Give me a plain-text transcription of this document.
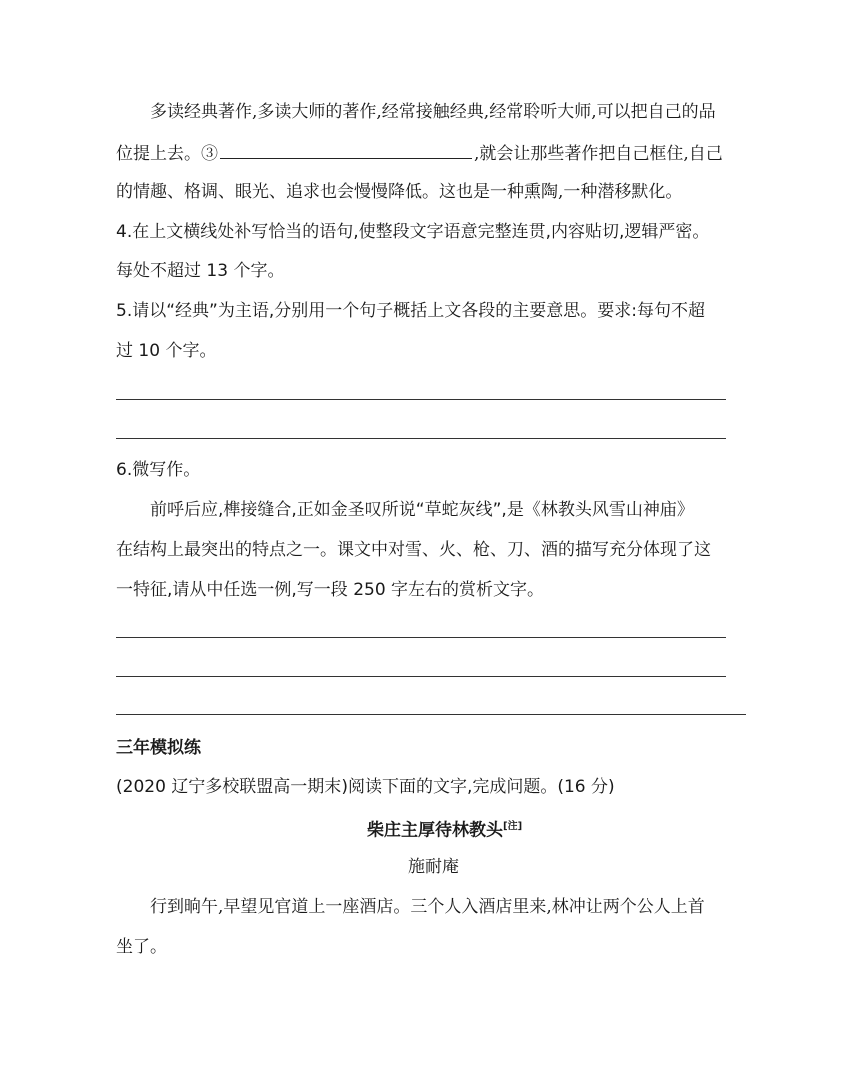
多读经典著作,多读大师的著作,经常接触经典,经常聆听大师,可以把自己的品
位提上去。③	,就会让那些著作把自己框住,自己
的情趣、格调、眼光、追求也会慢慢降低。这也是一种熏陶,一种潜移默化。
4.在上文横线处补写恰当的语句,使整段文字语意完整连贯,内容贴切,逻辑严密。
每处不超过 13 个字。
5.请以“经典”为主语,分别用一个句子概括上文各段的主要意思。要求:每句不超
过 10 个字。
6.微写作。
前呼后应,榫接缝合,正如金圣叹所说“草蛇灰线”,是《林教头风雪山神庙》
在结构上最突出的特点之一。课文中对雪、火、枪、刀、酒的描写充分体现了这
一特征,请从中任选一例,写一段 250 字左右的赏析文字。
三年模拟练
(2020 辽宁多校联盟高一期末)阅读下面的文字,完成问题。(16 分)
柴庄主厚待林教头[注]
施耐庵
行到晌午,早望见官道上一座酒店。三个人入酒店里来,林冲让两个公人上首
坐了。
